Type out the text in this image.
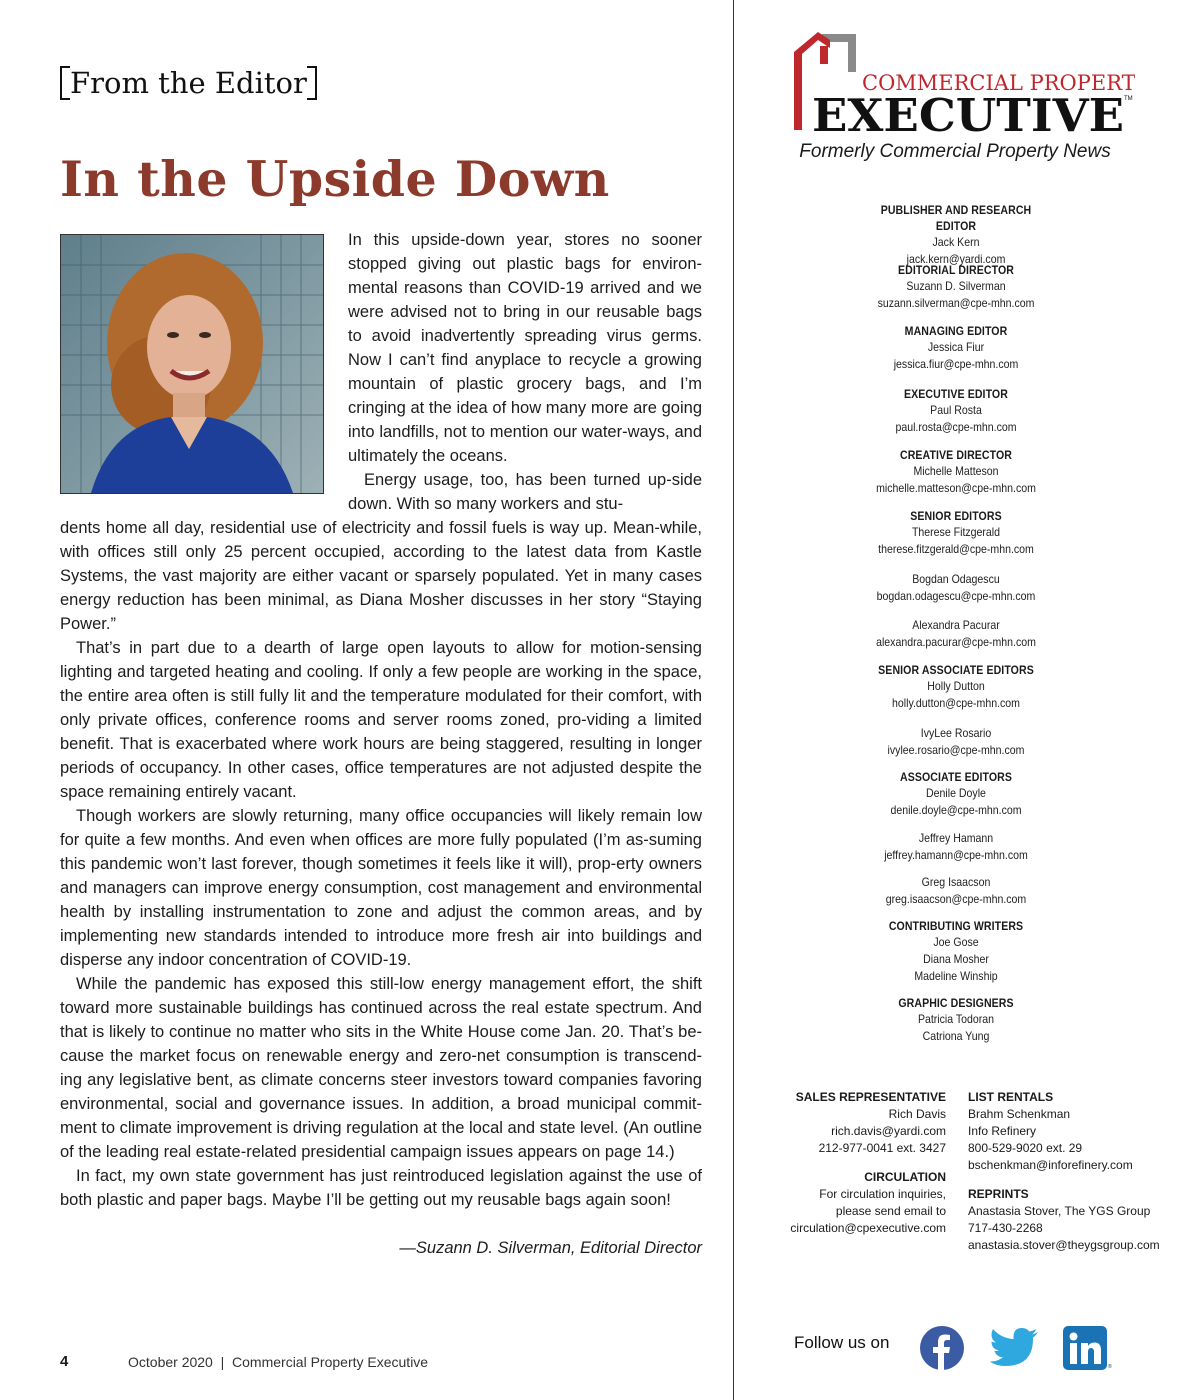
From the Editor
In the Upside Down

In this upside-down year, stores no sooner stopped giving out plastic bags for environ-mental reasons than COVID-19 arrived and we were advised not to bring in our reusable bags to avoid inadvertently spreading virus germs. Now I can’t find anyplace to recycle a growing mountain of plastic grocery bags, and I’m cringing at the idea of how many more are going into landfills, not to mention our water-ways, and ultimately the oceans.

Energy usage, too, has been turned up-side down. With so many workers and stu-

dents home all day, residential use of electricity and fossil fuels is way up. Mean-while, with offices still only 25 percent occupied, according to the latest data from Kastle Systems, the vast majority are either vacant or sparsely populated. Yet in many cases energy reduction has been minimal, as Diana Mosher discusses in her story “Staying Power.”

That’s in part due to a dearth of large open layouts to allow for motion-sensing lighting and targeted heating and cooling. If only a few people are working in the space, the entire area often is still fully lit and the temperature modulated for their comfort, with only private offices, conference rooms and server rooms zoned, pro-viding a limited benefit. That is exacerbated where work hours are being staggered, resulting in longer periods of occupancy. In other cases, office temperatures are not adjusted despite the space remaining entirely vacant.

Though workers are slowly returning, many office occupancies will likely remain low for quite a few months. And even when offices are more fully populated (I’m as-suming this pandemic won’t last forever, though sometimes it feels like it will), prop-erty owners and managers can improve energy consumption, cost management and environmental health by installing instrumentation to zone and adjust the common areas, and by implementing new standards intended to introduce more fresh air into buildings and disperse any indoor concentration of COVID-19.

While the pandemic has exposed this still-low energy management effort, the shift toward more sustainable buildings has continued across the real estate spectrum. And that is likely to continue no matter who sits in the White House come Jan. 20. That’s be-cause the market focus on renewable energy and zero-net consumption is transcend-ing any legislative bent, as climate concerns steer investors toward companies favoring environmental, social and governance issues. In addition, a broad municipal commit-ment to climate improvement is driving regulation at the local and state level. (An outline of the leading real estate-related presidential campaign issues appears on page 14.)

In fact, my own state government has just reintroduced legislation against the use of both plastic and paper bags. Maybe I’ll be getting out my reusable bags again soon!

—Suzann D. Silverman, Editorial Director
4	October 2020  |  Commercial Property Executive
COMMERCIAL PROPERTY
EXECUTIVE TM
Formerly Commercial Property News
PUBLISHER AND RESEARCH EDITOR
Jack Kern
jack.kern@yardi.com
EDITORIAL DIRECTOR
Suzann D. Silverman
suzann.silverman@cpe-mhn.com
MANAGING EDITOR
Jessica Fiur
jessica.fiur@cpe-mhn.com
EXECUTIVE EDITOR
Paul Rosta
paul.rosta@cpe-mhn.com
CREATIVE DIRECTOR
Michelle Matteson
michelle.matteson@cpe-mhn.com
SENIOR EDITORS
Therese Fitzgerald
therese.fitzgerald@cpe-mhn.com
Bogdan Odagescu
bogdan.odagescu@cpe-mhn.com
Alexandra Pacurar
alexandra.pacurar@cpe-mhn.com
SENIOR ASSOCIATE EDITORS
Holly Dutton
holly.dutton@cpe-mhn.com
IvyLee Rosario
ivylee.rosario@cpe-mhn.com
ASSOCIATE EDITORS
Denile Doyle
denile.doyle@cpe-mhn.com
Jeffrey Hamann
jeffrey.hamann@cpe-mhn.com
Greg Isaacson
greg.isaacson@cpe-mhn.com
CONTRIBUTING WRITERS
Joe Gose
Diana Mosher
Madeline Winship
GRAPHIC DESIGNERS
Patricia Todoran
Catriona Yung
SALES REPRESENTATIVE
Rich Davis
rich.davis@yardi.com
212-977-0041 ext. 3427
CIRCULATION
For circulation inquiries,
please send email to
circulation@cpexecutive.com
LIST RENTALS
Brahm Schenkman
Info Refinery
800-529-9020 ext. 29
bschenkman@inforefinery.com
REPRINTS
Anastasia Stover, The YGS Group
717-430-2268
anastasia.stover@theygsgroup.com
Follow us on
®
